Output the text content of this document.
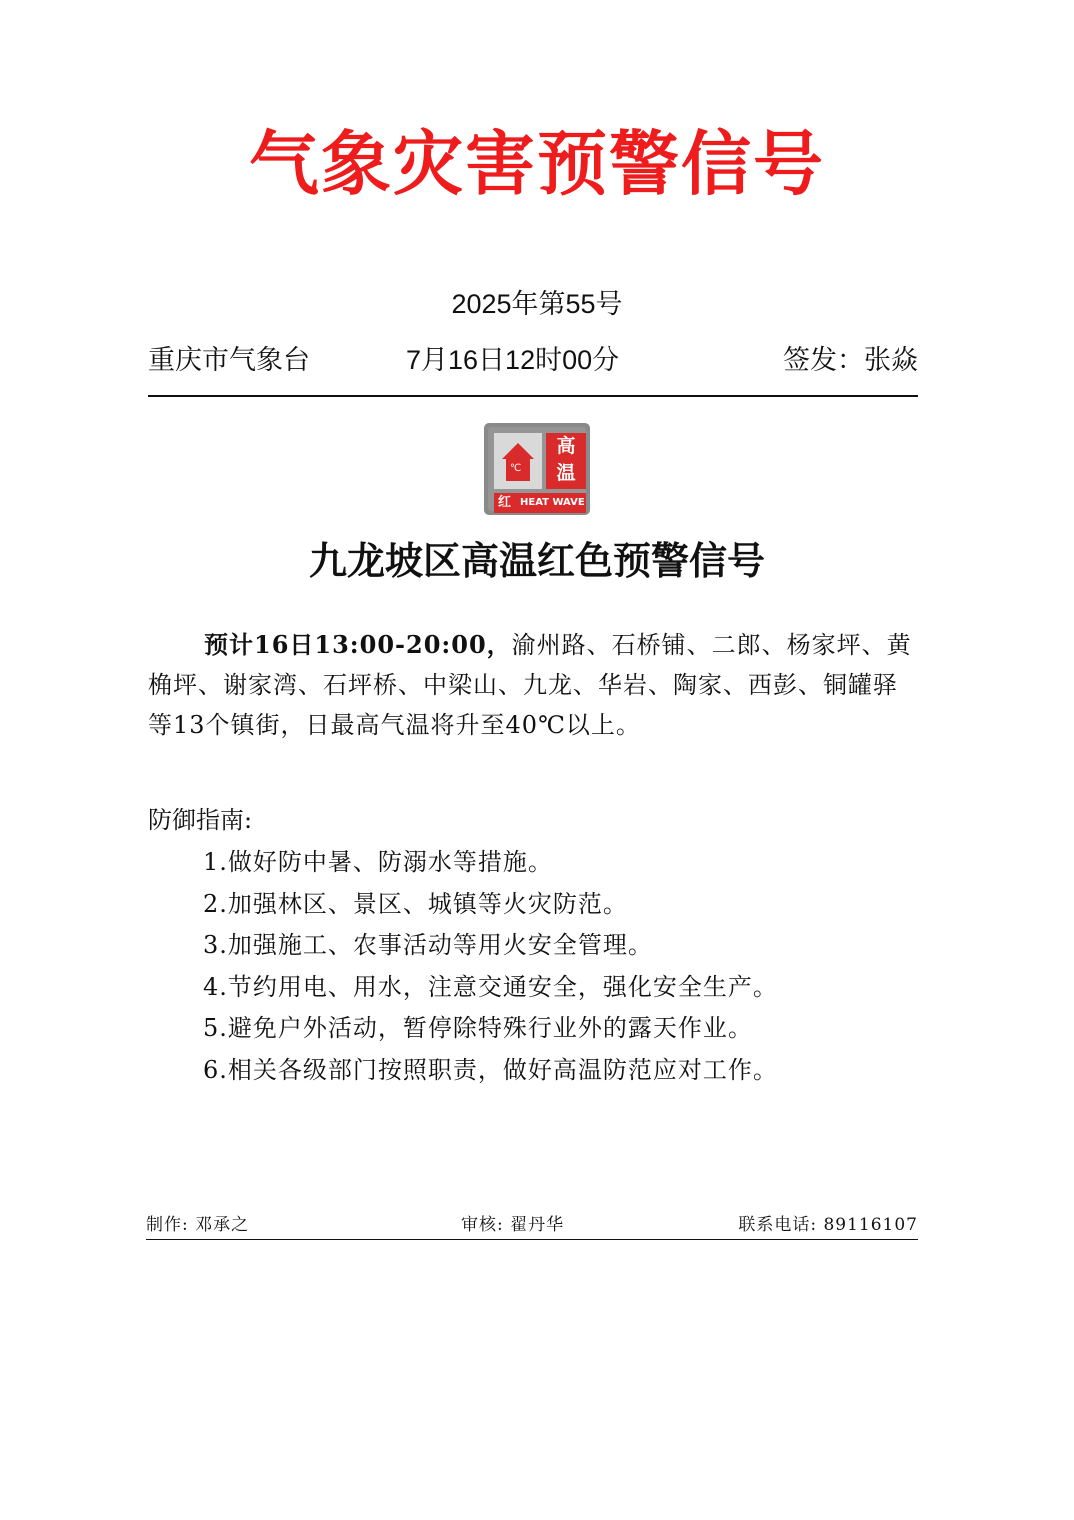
气象灾害预警信号
2025年第55号
重庆市气象台	7月16日12时00分	签发：张焱
℃
高
温
红 HEAT WAVE
九龙坡区高温红色预警信号

预计16日13:00-20:00，渝州路、石桥铺、二郎、杨家坪、黄桷坪、谢家湾、石坪桥、中梁山、九龙、华岩、陶家、西彭、铜罐驿等13个镇街，日最高气温将升至40℃以上。

防御指南:
1.做好防中暑、防溺水等措施。
2.加强林区、景区、城镇等火灾防范。
3.加强施工、农事活动等用火安全管理。
4.节约用电、用水，注意交通安全，强化安全生产。
5.避免户外活动，暂停除特殊行业外的露天作业。
6.相关各级部门按照职责，做好高温防范应对工作。
制作: 邓承之	审核: 翟丹华	联系电话: 89116107
